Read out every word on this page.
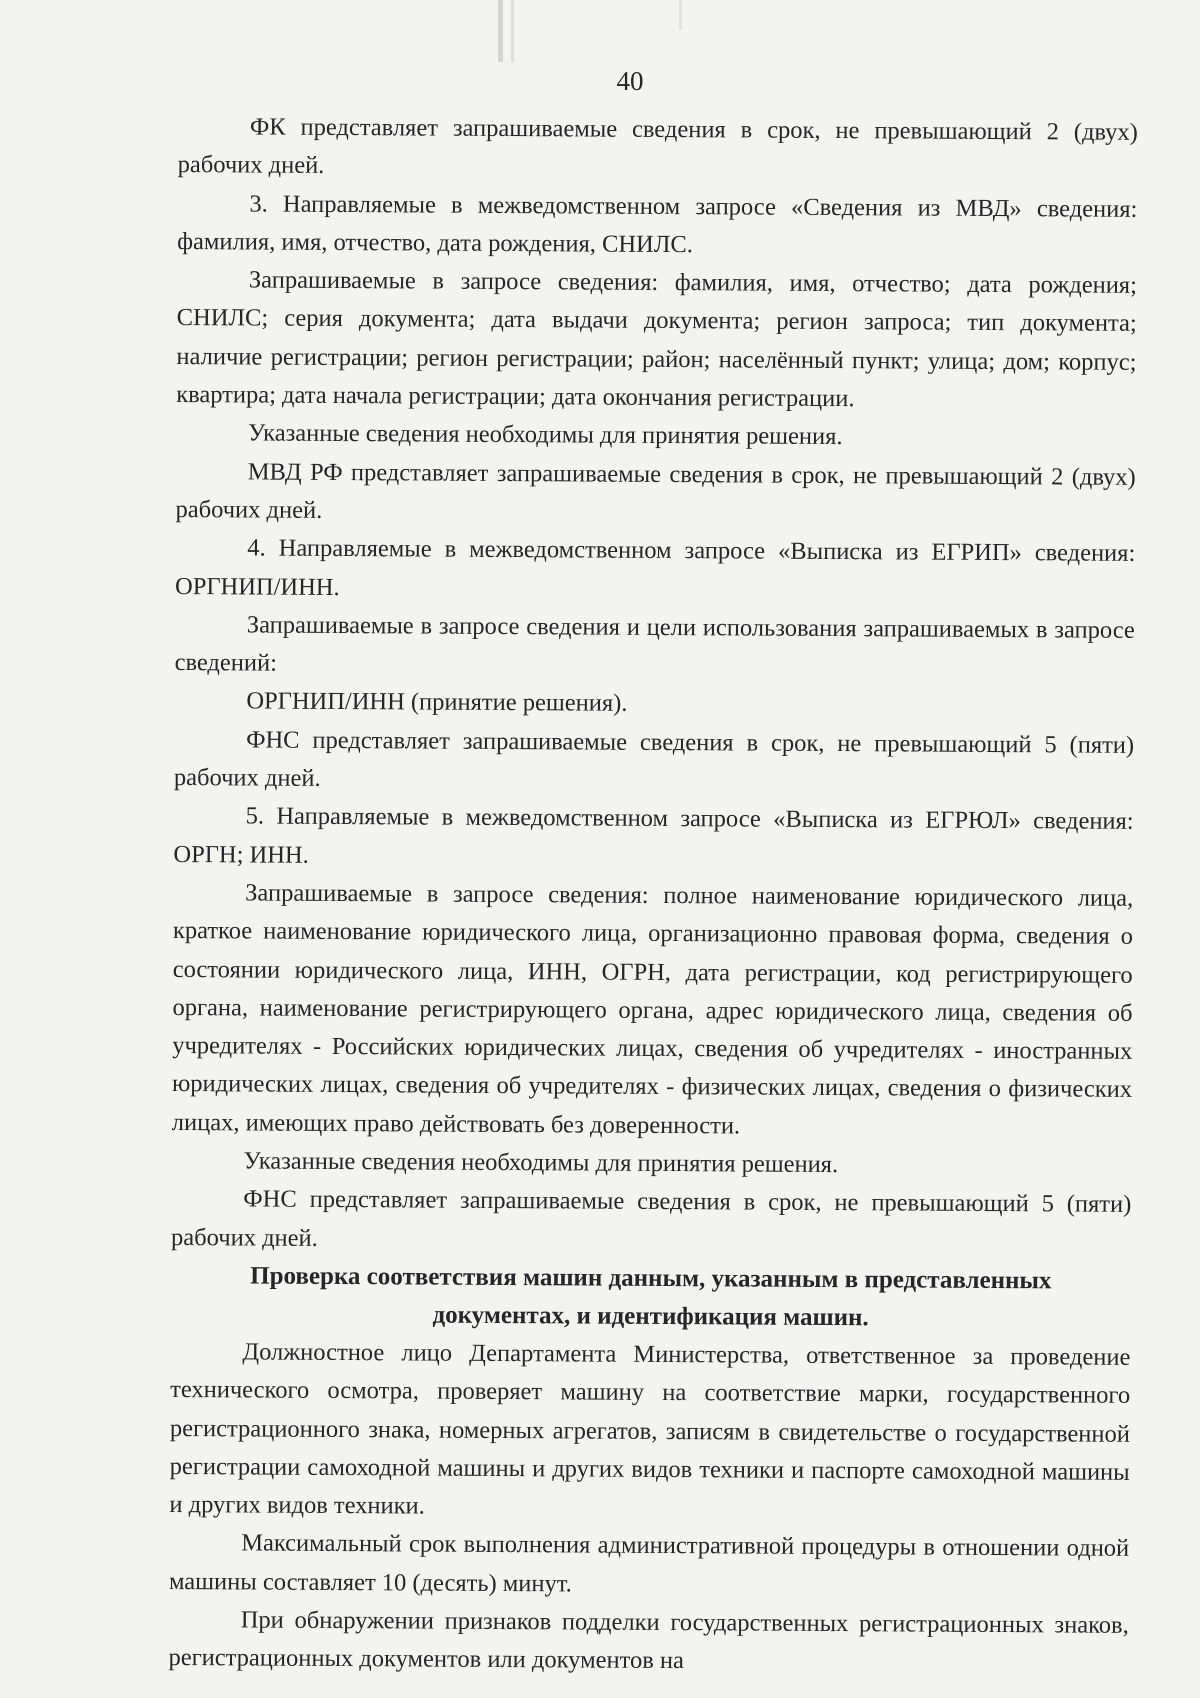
40

ФК представляет запрашиваемые сведения в срок, не превышающий 2 (двух) рабочих дней.

3. Направляемые в межведомственном запросе «Сведения из МВД» сведения: фамилия, имя, отчество, дата рождения, СНИЛС.

Запрашиваемые в запросе сведения: фамилия, имя, отчество; дата рождения; СНИЛС; серия документа; дата выдачи документа; регион запроса; тип документа; наличие регистрации; регион регистрации; район; населённый пункт; улица; дом; корпус; квартира; дата начала регистрации; дата окончания регистрации.

Указанные сведения необходимы для принятия решения.

МВД РФ представляет запрашиваемые сведения в срок, не превышающий 2 (двух) рабочих дней.

4. Направляемые в межведомственном запросе «Выписка из ЕГРИП» сведения: ОРГНИП/ИНН.

Запрашиваемые в запросе сведения и цели использования запрашиваемых в запросе сведений:

ОРГНИП/ИНН (принятие решения).

ФНС представляет запрашиваемые сведения в срок, не превышающий 5 (пяти) рабочих дней.

5. Направляемые в межведомственном запросе «Выписка из ЕГРЮЛ» сведения: ОРГН; ИНН.

Запрашиваемые в запросе сведения: полное наименование юридического лица, краткое наименование юридического лица, организационно правовая форма, сведения о состоянии юридического лица, ИНН, ОГРН, дата регистрации, код регистрирующего органа, наименование регистрирующего органа, адрес юридического лица, сведения об учредителях - Российских юридических лицах, сведения об учредителях - иностранных юридических лицах, сведения об учредителях - физических лицах, сведения о физических лицах, имеющих право действовать без доверенности.

Указанные сведения необходимы для принятия решения.

ФНС представляет запрашиваемые сведения в срок, не превышающий 5 (пяти) рабочих дней.

Проверка соответствия машин данным, указанным в представленных
документах, и идентификация машин.

Должностное лицо Департамента Министерства, ответственное за проведение технического осмотра, проверяет машину на соответствие марки, государственного регистрационного знака, номерных агрегатов, записям в свидетельстве о государственной регистрации самоходной машины и других видов техники и паспорте самоходной машины и других видов техники.

Максимальный срок выполнения административной процедуры в отношении одной машины составляет 10 (десять) минут.

При обнаружении признаков подделки государственных регистрационных знаков, регистрационных документов или документов на
